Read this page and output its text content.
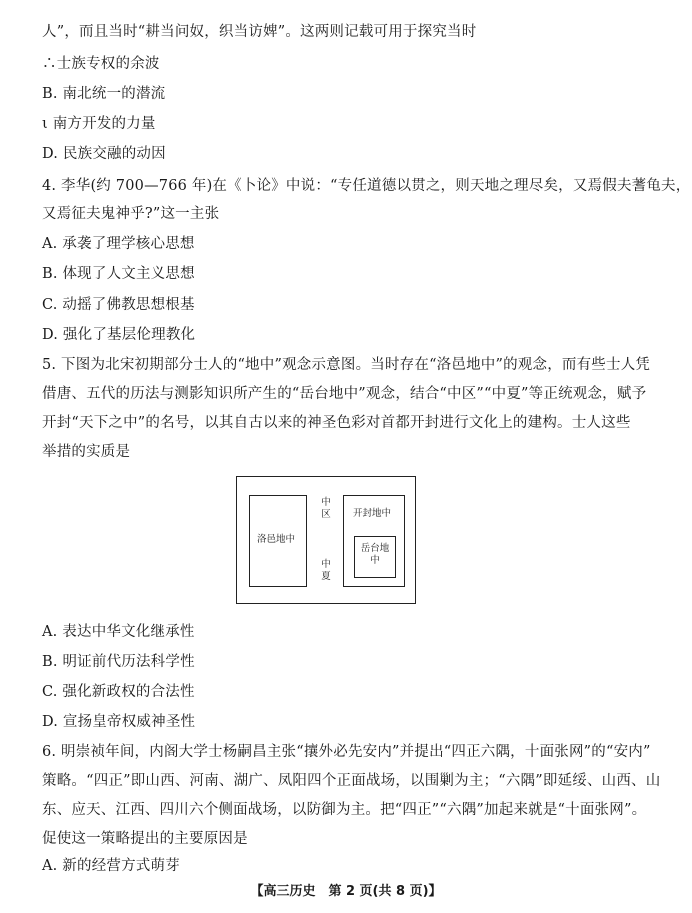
人”，而且当时“耕当问奴，织当访婢”。这两则记载可用于探究当时
∴士族专权的余波
B. 南北统一的潜流
ι 南方开发的力量
D. 民族交融的动因
4. 李华(约 700—766 年)在《卜论》中说：“专任道德以贯之，则天地之理尽矣，又焉假夫蓍龟夫，
又焉征夫鬼神乎?”这一主张
A. 承袭了理学核心思想
B. 体现了人文主义思想
C. 动摇了佛教思想根基
D. 强化了基层伦理教化
5. 下图为北宋初期部分士人的“地中”观念示意图。当时存在“洛邑地中”的观念，而有些士人凭
借唐、五代的历法与测影知识所产生的“岳台地中”观念，结合“中区”“中夏”等正统观念，赋予
开封“天下之中”的名号，以其自古以来的神圣色彩对首都开封进行文化上的建构。士人这些
举措的实质是
洛邑地中
中区
中夏
开封地中
岳台地中
A. 表达中华文化继承性
B. 明证前代历法科学性
C. 强化新政权的合法性
D. 宣扬皇帝权威神圣性
6. 明崇祯年间，内阁大学士杨嗣昌主张“攘外必先安内”并提出“四正六隅，十面张网”的“安内”
策略。“四正”即山西、河南、湖广、凤阳四个正面战场，以围剿为主；“六隅”即延绥、山西、山
东、应天、江西、四川六个侧面战场，以防御为主。把“四正”“六隅”加起来就是“十面张网”。
促使这一策略提出的主要原因是
A. 新的经营方式萌芽
【高三历史　第 2 页(共 8 页)】
